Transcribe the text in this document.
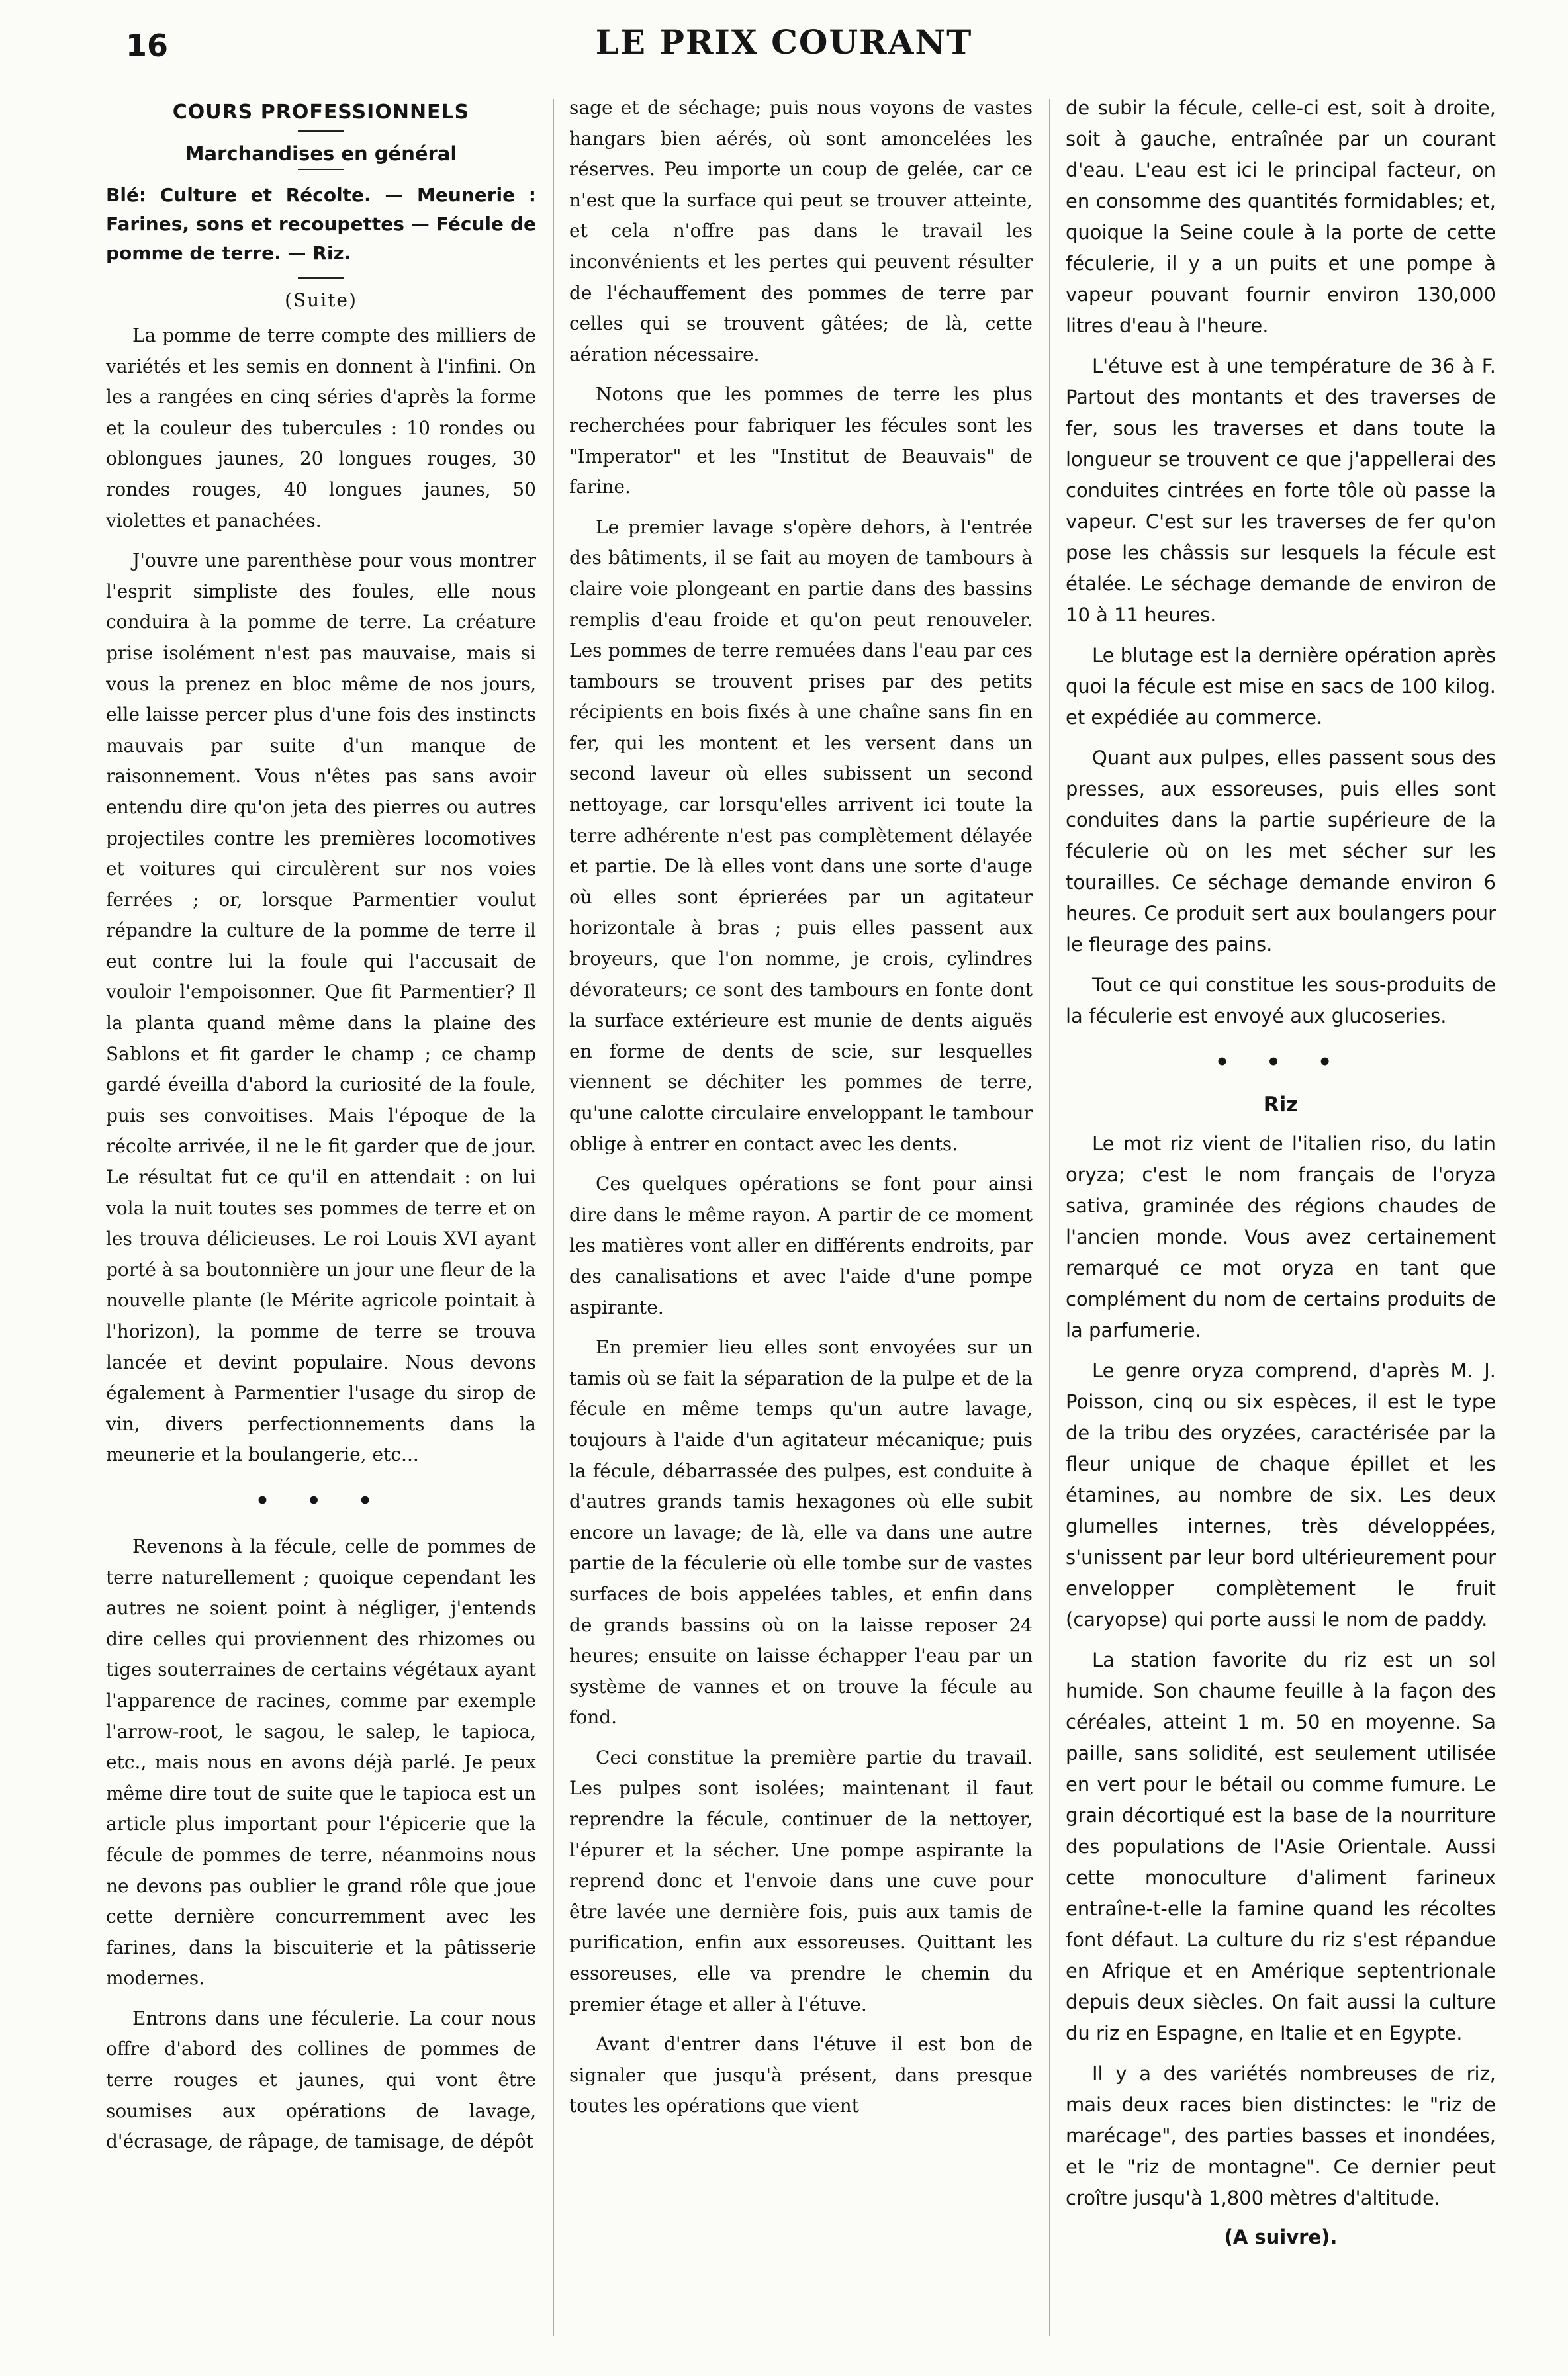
16	LE PRIX COURANT
COURS PROFESSIONNELS
Marchandises en général
Blé: Culture et Récolte. — Meunerie : Farines, sons et recoupettes — Fécule de pomme de terre. — Riz.
(Suite)

La pomme de terre compte des milliers de variétés et les semis en donnent à l'infini. On les a rangées en cinq séries d'après la forme et la couleur des tubercules : 10 rondes ou oblongues jaunes, 20 longues rouges, 30 rondes rouges, 40 longues jaunes, 50 violettes et panachées.

J'ouvre une parenthèse pour vous montrer l'esprit simpliste des foules, elle nous conduira à la pomme de terre. La créature prise isolément n'est pas mauvaise, mais si vous la prenez en bloc même de nos jours, elle laisse percer plus d'une fois des instincts mauvais par suite d'un manque de raisonnement. Vous n'êtes pas sans avoir entendu dire qu'on jeta des pierres ou autres projectiles contre les premières locomotives et voitures qui circulèrent sur nos voies ferrées ; or, lorsque Parmentier voulut répandre la culture de la pomme de terre il eut contre lui la foule qui l'accusait de vouloir l'empoisonner. Que fit Parmentier? Il la planta quand même dans la plaine des Sablons et fit garder le champ ; ce champ gardé éveilla d'abord la curiosité de la foule, puis ses convoitises. Mais l'époque de la récolte arrivée, il ne le fit garder que de jour. Le résultat fut ce qu'il en attendait : on lui vola la nuit toutes ses pommes de terre et on les trouva délicieuses. Le roi Louis XVI ayant porté à sa boutonnière un jour une fleur de la nouvelle plante (le Mérite agricole pointait à l'horizon), la pomme de terre se trouva lancée et devint populaire. Nous devons également à Parmentier l'usage du sirop de vin, divers perfectionnements dans la meunerie et la boulangerie, etc...

• • •

Revenons à la fécule, celle de pommes de terre naturellement ; quoique cependant les autres ne soient point à négliger, j'entends dire celles qui proviennent des rhizomes ou tiges souterraines de certains végétaux ayant l'apparence de racines, comme par exemple l'arrow-root, le sagou, le salep, le tapioca, etc., mais nous en avons déjà parlé. Je peux même dire tout de suite que le tapioca est un article plus important pour l'épicerie que la fécule de pommes de terre, néanmoins nous ne devons pas oublier le grand rôle que joue cette dernière concurremment avec les farines, dans la biscuiterie et la pâtisserie modernes.

Entrons dans une féculerie. La cour nous offre d'abord des collines de pommes de terre rouges et jaunes, qui vont être soumises aux opérations de lavage, d'écrasage, de râpage, de tamisage, de dépôt

sage et de séchage; puis nous voyons de vastes hangars bien aérés, où sont amoncelées les réserves. Peu importe un coup de gelée, car ce n'est que la surface qui peut se trouver atteinte, et cela n'offre pas dans le travail les inconvénients et les pertes qui peuvent résulter de l'échauffement des pommes de terre par celles qui se trouvent gâtées; de là, cette aération nécessaire.

Notons que les pommes de terre les plus recherchées pour fabriquer les fécules sont les "Imperator" et les "Institut de Beauvais" de farine.

Le premier lavage s'opère dehors, à l'entrée des bâtiments, il se fait au moyen de tambours à claire voie plongeant en partie dans des bassins remplis d'eau froide et qu'on peut renouveler. Les pommes de terre remuées dans l'eau par ces tambours se trouvent prises par des petits récipients en bois fixés à une chaîne sans fin en fer, qui les montent et les versent dans un second laveur où elles subissent un second nettoyage, car lorsqu'elles arrivent ici toute la terre adhérente n'est pas complètement délayée et partie. De là elles vont dans une sorte d'auge où elles sont éprierées par un agitateur horizontale à bras ; puis elles passent aux broyeurs, que l'on nomme, je crois, cylindres dévorateurs; ce sont des tambours en fonte dont la surface extérieure est munie de dents aiguës en forme de dents de scie, sur lesquelles viennent se déchiter les pommes de terre, qu'une calotte circulaire enveloppant le tambour oblige à entrer en contact avec les dents.

Ces quelques opérations se font pour ainsi dire dans le même rayon. A partir de ce moment les matières vont aller en différents endroits, par des canalisations et avec l'aide d'une pompe aspirante.

En premier lieu elles sont envoyées sur un tamis où se fait la séparation de la pulpe et de la fécule en même temps qu'un autre lavage, toujours à l'aide d'un agitateur mécanique; puis la fécule, débarrassée des pulpes, est conduite à d'autres grands tamis hexagones où elle subit encore un lavage; de là, elle va dans une autre partie de la féculerie où elle tombe sur de vastes surfaces de bois appelées tables, et enfin dans de grands bassins où on la laisse reposer 24 heures; ensuite on laisse échapper l'eau par un système de vannes et on trouve la fécule au fond.

Ceci constitue la première partie du travail. Les pulpes sont isolées; maintenant il faut reprendre la fécule, continuer de la nettoyer, l'épurer et la sécher. Une pompe aspirante la reprend donc et l'envoie dans une cuve pour être lavée une dernière fois, puis aux tamis de purification, enfin aux essoreuses. Quittant les essoreuses, elle va prendre le chemin du premier étage et aller à l'étuve.

Avant d'entrer dans l'étuve il est bon de signaler que jusqu'à présent, dans presque toutes les opérations que vient

de subir la fécule, celle-ci est, soit à droite, soit à gauche, entraînée par un courant d'eau. L'eau est ici le principal facteur, on en consomme des quantités formidables; et, quoique la Seine coule à la porte de cette féculerie, il y a un puits et une pompe à vapeur pouvant fournir environ 130,000 litres d'eau à l'heure.

L'étuve est à une température de 36 à F. Partout des montants et des traverses de fer, sous les traverses et dans toute la longueur se trouvent ce que j'appellerai des conduites cintrées en forte tôle où passe la vapeur. C'est sur les traverses de fer qu'on pose les châssis sur lesquels la fécule est étalée. Le séchage demande de environ de 10 à 11 heures.

Le blutage est la dernière opération après quoi la fécule est mise en sacs de 100 kilog. et expédiée au commerce.

Quant aux pulpes, elles passent sous des presses, aux essoreuses, puis elles sont conduites dans la partie supérieure de la féculerie où on les met sécher sur les tourailles. Ce séchage demande environ 6 heures. Ce produit sert aux boulangers pour le fleurage des pains.

Tout ce qui constitue les sous-produits de la féculerie est envoyé aux glucoseries.

• • •
Riz

Le mot riz vient de l'italien riso, du latin oryza; c'est le nom français de l'oryza sativa, graminée des régions chaudes de l'ancien monde. Vous avez certainement remarqué ce mot oryza en tant que complément du nom de certains produits de la parfumerie.

Le genre oryza comprend, d'après M. J. Poisson, cinq ou six espèces, il est le type de la tribu des oryzées, caractérisée par la fleur unique de chaque épillet et les étamines, au nombre de six. Les deux glumelles internes, très développées, s'unissent par leur bord ultérieurement pour envelopper complètement le fruit (caryopse) qui porte aussi le nom de paddy.

La station favorite du riz est un sol humide. Son chaume feuille à la façon des céréales, atteint 1 m. 50 en moyenne. Sa paille, sans solidité, est seulement utilisée en vert pour le bétail ou comme fumure. Le grain décortiqué est la base de la nourriture des populations de l'Asie Orientale. Aussi cette monoculture d'aliment farineux entraîne-t-elle la famine quand les récoltes font défaut. La culture du riz s'est répandue en Afrique et en Amérique septentrionale depuis deux siècles. On fait aussi la culture du riz en Espagne, en Italie et en Egypte.

Il y a des variétés nombreuses de riz, mais deux races bien distinctes: le "riz de marécage", des parties basses et inondées, et le "riz de montagne". Ce dernier peut croître jusqu'à 1,800 mètres d'altitude.

(A suivre).
